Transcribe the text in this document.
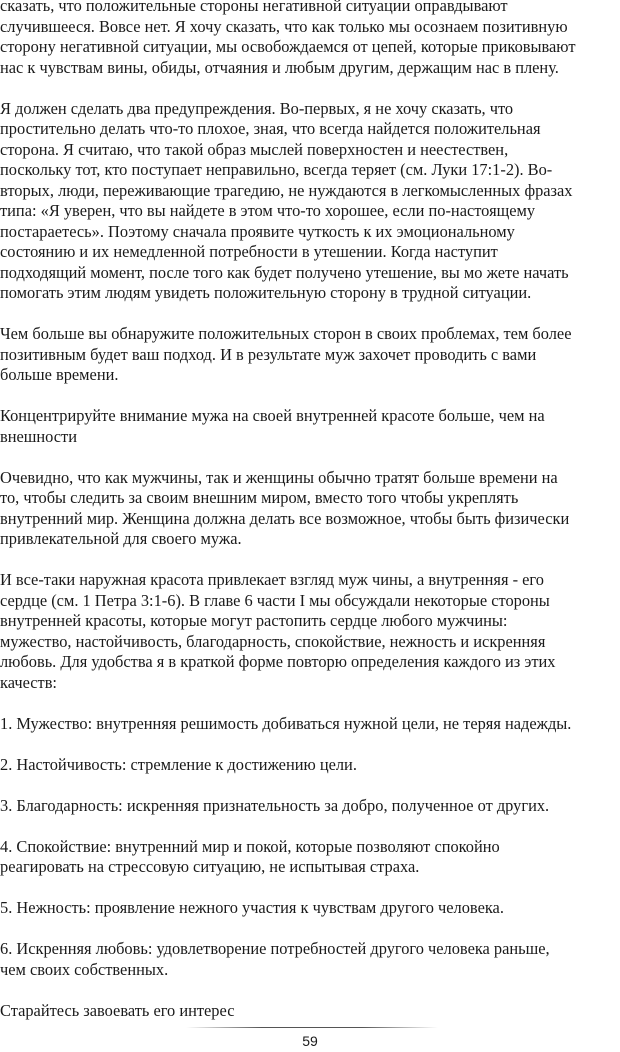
сказать, что положительные стороны негативной ситуации оправдывают
случившееся. Вовсе нет. Я хочу сказать, что как только мы осознаем позитивную
сторону негативной ситуации, мы освобождаемся от цепей, которые приковывают
нас к чувствам вины, обиды, отчаяния и любым другим, держащим нас в плену.

Я должен сделать два предупреждения. Во-первых, я не хочу сказать, что
простительно делать что-то плохое, зная, что всегда найдется положительная
сторона. Я считаю, что такой образ мыслей поверхностен и неестествен,
поскольку тот, кто поступает неправильно, всегда теряет (см. Луки 17:1-2). Во-
вторых, люди, переживающие трагедию, не нуждаются в легкомысленных фразах
типа: «Я уверен, что вы найдете в этом что-то хорошее, если по-настоящему
постараетесь». Поэтому сначала проявите чуткость к их эмоциональному
состоянию и их немедленной потребности в утешении. Когда наступит
подходящий момент, после того как будет получено утешение, вы мо жете начать
помогать этим людям увидеть положительную сторону в трудной ситуации.

Чем больше вы обнаружите положительных сторон в своих проблемах, тем более
позитивным будет ваш подход. И в результате муж захочет проводить с вами
больше времени.

Концентрируйте внимание мужа на своей внутренней красоте больше, чем на
внешности

Очевидно, что как мужчины, так и женщины обычно тратят больше времени на
то, чтобы следить за своим внешним миром, вместо того чтобы укреплять
внутренний мир. Женщина должна делать все возможное, чтобы быть физически
привлекательной для своего мужа.

И все-таки наружная красота привлекает взгляд муж чины, а внутренняя - его
сердце (см. 1 Петра 3:1-6). В главе 6 части I мы обсуждали некоторые стороны
внутренней красоты, которые могут растопить сердце любого мужчины:
мужество, настойчивость, благодарность, спокойствие, нежность и искренняя
любовь. Для удобства я в краткой форме повторю определения каждого из этих
качеств:

1. Мужество: внутренняя решимость добиваться нужной цели, не теряя надежды.

2. Настойчивость: стремление к достижению цели.

3. Благодарность: искренняя признательность за добро, полученное от других.

4. Спокойствие: внутренний мир и покой, которые позволяют спокойно
реагировать на стрессовую ситуацию, не испытывая страха.

5. Нежность: проявление нежного участия к чувствам другого человека.

6. Искренняя любовь: удовлетворение потребностей другого человека раньше,
чем своих собственных.

Старайтесь завоевать его интерес

59
